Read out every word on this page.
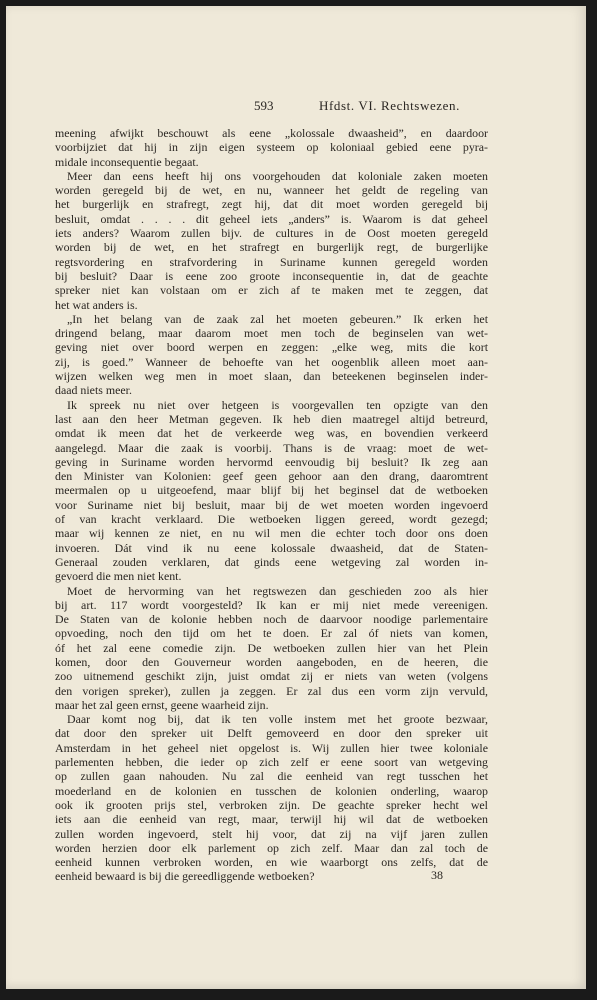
593	Hfdst. VI. Rechtswezen.
meening afwijkt beschouwt als eene „kolossale dwaasheid”, en daardoor
voorbijziet dat hij in zijn eigen systeem op koloniaal gebied eene pyra-
midale inconsequentie begaat.
Meer dan eens heeft hij ons voorgehouden dat koloniale zaken moeten
worden geregeld bij de wet, en nu, wanneer het geldt de regeling van
het burgerlijk en strafregt, zegt hij, dat dit moet worden geregeld bij
besluit, omdat . . . . dit geheel iets „anders” is. Waarom is dat geheel
iets anders? Waarom zullen bijv. de cultures in de Oost moeten geregeld
worden bij de wet, en het strafregt en burgerlijk regt, de burgerlijke
regtsvordering en strafvordering in Suriname kunnen geregeld worden
bij besluit? Daar is eene zoo groote inconsequentie in, dat de geachte
spreker niet kan volstaan om er zich af te maken met te zeggen, dat
het wat anders is.
„In het belang van de zaak zal het moeten gebeuren.” Ik erken het
dringend belang, maar daarom moet men toch de beginselen van wet-
geving niet over boord werpen en zeggen: „elke weg, mits die kort
zij, is goed.” Wanneer de behoefte van het oogenblik alleen moet aan-
wijzen welken weg men in moet slaan, dan beteekenen beginselen inder-
daad niets meer.
Ik spreek nu niet over hetgeen is voorgevallen ten opzigte van den
last aan den heer Metman gegeven. Ik heb dien maatregel altijd betreurd,
omdat ik meen dat het de verkeerde weg was, en bovendien verkeerd
aangelegd. Maar die zaak is voorbij. Thans is de vraag: moet de wet-
geving in Suriname worden hervormd eenvoudig bij besluit? Ik zeg aan
den Minister van Kolonien: geef geen gehoor aan den drang, daaromtrent
meermalen op u uitgeoefend, maar blijf bij het beginsel dat de wetboeken
voor Suriname niet bij besluit, maar bij de wet moeten worden ingevoerd
of van kracht verklaard. Die wetboeken liggen gereed, wordt gezegd;
maar wij kennen ze niet, en nu wil men die echter toch door ons doen
invoeren. Dát vind ik nu eene kolossale dwaasheid, dat de Staten-
Generaal zouden verklaren, dat ginds eene wetgeving zal worden in-
gevoerd die men niet kent.
Moet de hervorming van het regtswezen dan geschieden zoo als hier
bij art. 117 wordt voorgesteld? Ik kan er mij niet mede vereenigen.
De Staten van de kolonie hebben noch de daarvoor noodige parlementaire
opvoeding, noch den tijd om het te doen. Er zal óf niets van komen,
óf het zal eene comedie zijn. De wetboeken zullen hier van het Plein
komen, door den Gouverneur worden aangeboden, en de heeren, die
zoo uitnemend geschikt zijn, juist omdat zij er niets van weten (volgens
den vorigen spreker), zullen ja zeggen. Er zal dus een vorm zijn vervuld,
maar het zal geen ernst, geene waarheid zijn.
Daar komt nog bij, dat ik ten volle instem met het groote bezwaar,
dat door den spreker uit Delft gemoveerd en door den spreker uit
Amsterdam in het geheel niet opgelost is. Wij zullen hier twee koloniale
parlementen hebben, die ieder op zich zelf er eene soort van wetgeving
op zullen gaan nahouden. Nu zal die eenheid van regt tusschen het
moederland en de kolonien en tusschen de kolonien onderling, waarop
ook ik grooten prijs stel, verbroken zijn. De geachte spreker hecht wel
iets aan die eenheid van regt, maar, terwijl hij wil dat de wetboeken
zullen worden ingevoerd, stelt hij voor, dat zij na vijf jaren zullen
worden herzien door elk parlement op zich zelf. Maar dan zal toch de
eenheid kunnen verbroken worden, en wie waarborgt ons zelfs, dat de
eenheid bewaard is bij die gereedliggende wetboeken?	38
